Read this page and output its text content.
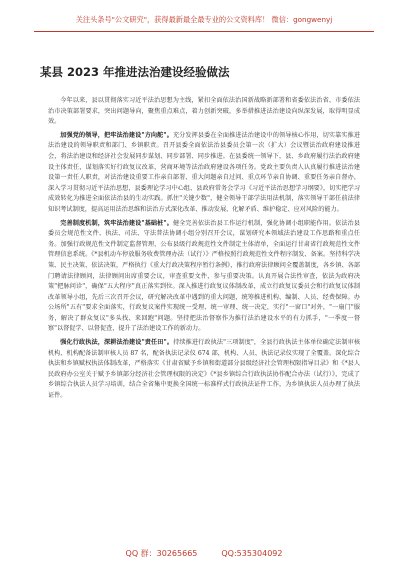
关注头条号"公文研究"，获得最新最全最专业的公文资料库！ 微信：gongwenyj
某县 2023 年推进法治建设经验做法

今年以来，县以贯彻落实习近平法治思想为主线，紧扣全面依法治国新战略新部署和省委依法治省、市委依法治市决策部署要求，突出问题导向，聚焦重点难点，着力创新突破，多举措推进法治建设向纵深发展，取得明显成效。

加强党的领导，把牢法治建设"方向舵"。充分发挥县委在全面推进法治建设中的领导核心作用，切实靠实推进法治建设的领导职责和部门、乡镇职责。召开县委全面依法治县委员会第一次（扩大）会议暨法治政府建设推进会，将法治建设和经济社会发展同步谋划、同步部署、同步推进。在县委统一领导下，县、乡政府履行法治政府建设主体责任，谋划落实好行政复议改革，营商环境等法治政府建设各项任务。党政主要负责人认真履行推进法治建设第一责任人职责，对法治建设重要工作亲自部署、重大问题亲自过问、重点环节亲自协调、重要任务亲自督办，深入学习贯彻习近平法治思想，县委理论学习中心组、县政府常务会学习《习近平法治思想学习纲要》，切实把学习成效转化为推进全面依法治县的生动实践。抓住"关键少数"，健全领导干部学法用法机制，落实领导干部任前法律知识考试制度，提高运用法治思维和法治方式深化改革、推动发展、化解矛盾、维护稳定、应对风险的能力。

完善制度机制，筑牢法治建设"基础桩"。健全完善依法治县工作运行机制，强化协调小组职能作用。依法治县委员会规范性文件、执法、司法、守法普法协调小组分别召开会议，谋划研究本领域法治建设工作思路和重点任务。加强行政规范性文件制定监督管理，公布县级行政规范性文件制定主体清单，全面运行甘肃省行政规范性文件管理信息系统。《*县机动车停放服务收费管理办法（试行）》严格按照行政规范性文件程序制发、备案。坚持科学决策、民主决策、依法决策，严格执行《重大行政决策程序暂行条例》，推行政府法律顾问全覆盖制度，各乡镇、各部门聘请法律顾问，法律顾问出席重要会议，审查重要文件，参与重要决策。认真开展合法性审查，依法为政府决策"把脉问诊"，确保"五大程序"真正落实到位。深入推进行政复议体制改革，成立行政复议委员会和行政复议体制改革领导小组，先后三次召开会议，研究解决改革中遇到的重大问题，统筹推进机构、编制、人员、经费保障。办公场所"五有"要求全面落实，行政复议案件实现统一受理、统一审理、统一决定，实行"一窗口"对外，"一扇门"服务，解决了群众复议"多头找、来回跑"问题。坚持把法治督察作为推行法治建设水平的有力抓手，"一季度一督察"以督促学、以督促查，提升了法治建设工作的新动力。

强化行政执法，深耕法治建设"责任田"。持续推进行政执法"三项制度"，全县行政执法主体单位确定法制审核机构、机构配备法制审核人员 87 名，配备执法记录仪 674 部，机构、人员、执法记录仪实现了全覆盖。深化综合执法和乡镇赋权执法体制改革，严格落实《甘肃省赋予乡镇和街道部分县级经济社会管理权限指导目录》和《*县人民政府办公室关于赋予乡镇部分经济社会管理权限的决定》《*县乡镇综合行政执法协作配合办法（试行）》，完成了乡镇综合执法人员学习培训，结合全省集中更换全国统一标准样式行政执法证件工作，为乡镇执法人员办理了执法证件。

QQ 群：30265665	QQ:535304092
